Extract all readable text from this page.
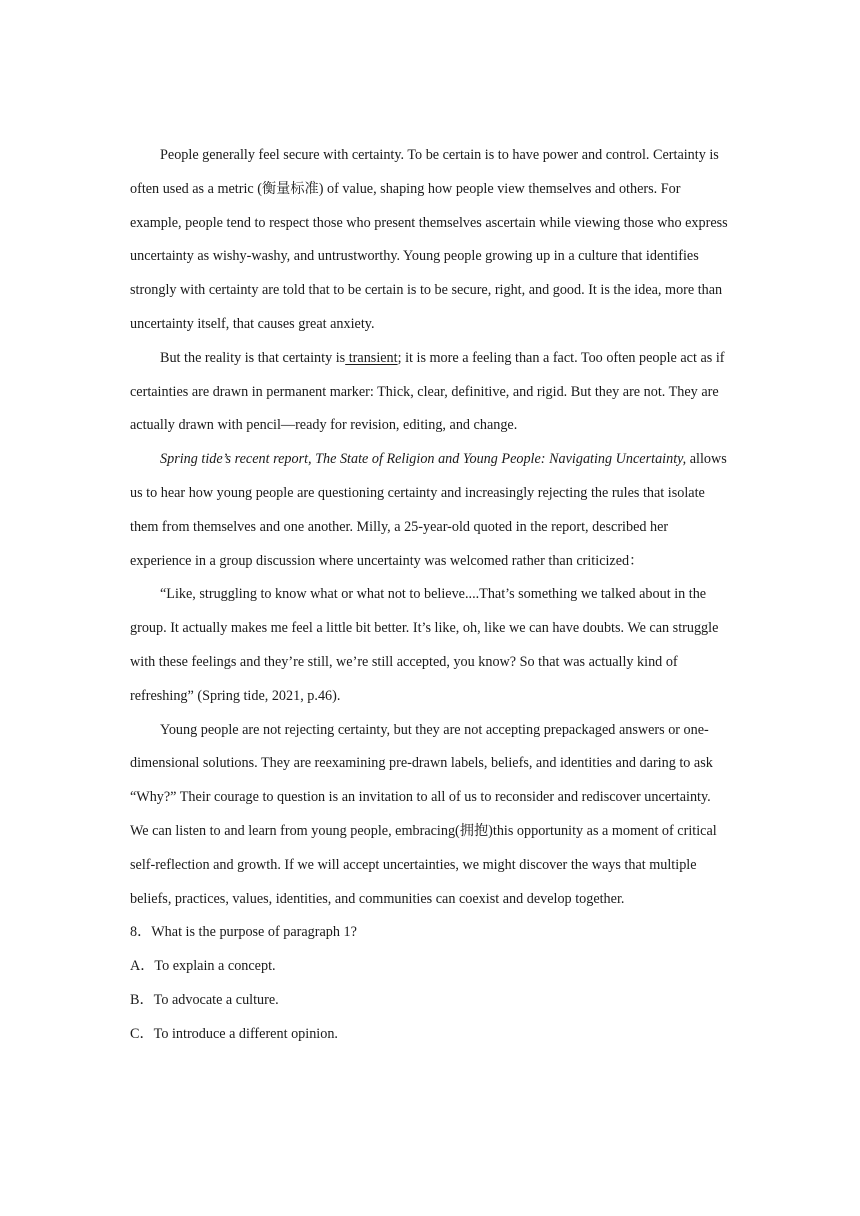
People generally feel secure with certainty. To be certain is to have power and control. Certainty is often used as a metric (衡量标准) of value, shaping how people view themselves and others. For example, people tend to respect those who present themselves ascertain while viewing those who express uncertainty as wishy-washy, and untrustworthy. Young people growing up in a culture that identifies strongly with certainty are told that to be certain is to be secure, right, and good. It is the idea, more than uncertainty itself, that causes great anxiety.

But the reality is that certainty is transient; it is more a feeling than a fact. Too often people act as if certainties are drawn in permanent marker: Thick, clear, definitive, and rigid. But they are not. They are actually drawn with pencil—ready for revision, editing, and change.

Spring tide’s recent report, The State of Religion and Young People: Navigating Uncertainty, allows us to hear how young people are questioning certainty and increasingly rejecting the rules that isolate them from themselves and one another. Milly, a 25-year-old quoted in the report, described her experience in a group discussion where uncertainty was welcomed rather than criticized：

“Like, struggling to know what or what not to believe....That’s something we talked about in the group. It actually makes me feel a little bit better. It’s like, oh, like we can have doubts. We can struggle with these feelings and they’re still, we’re still accepted, you know? So that was actually kind of refreshing” (Spring tide, 2021, p.46).

Young people are not rejecting certainty, but they are not accepting prepackaged answers or one-dimensional solutions. They are reexamining pre-drawn labels, beliefs, and identities and daring to ask “Why?” Their courage to question is an invitation to all of us to reconsider and rediscover uncertainty. We can listen to and learn from young people, embracing(拥抱)this opportunity as a moment of critical self-reflection and growth. If we will accept uncertainties, we might discover the ways that multiple beliefs, practices, values, identities, and communities can coexist and develop together.

8．What is the purpose of paragraph 1?

A．To explain a concept.

B．To advocate a culture.

C．To introduce a different opinion.
